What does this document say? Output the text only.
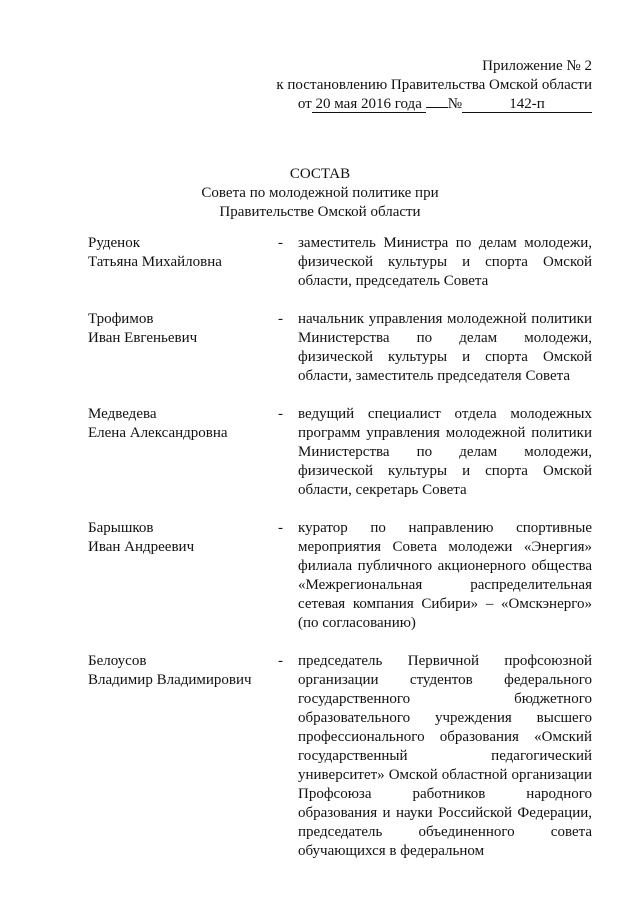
Приложение № 2
к постановлению Правительства Омской области
от 20 мая 2016 года №	142-п
СОСТАВ
Совета по молодежной политике при
Правительстве Омской области
Руденок
Татьяна Михайловна
- заместитель Министра по делам молодежи, физической культуры и спорта Омской области, председатель Совета
Трофимов
Иван Евгеньевич
- начальник управления молодежной политики Министерства по делам молодежи, физической культуры и спорта Омской области, заместитель председателя Совета
Медведева
Елена Александровна
- ведущий специалист отдела молодежных программ управления молодежной политики Министерства по делам молодежи, физической культуры и спорта Омской области, секретарь Совета
Барышков
Иван Андреевич
- куратор по направлению спортивные мероприятия Совета молодежи «Энергия» филиала публичного акционерного общества «Межрегиональная распределительная сетевая компания Сибири» – «Омскэнерго» (по согласованию)
Белоусов
Владимир Владимирович
- председатель Первичной профсоюзной организации студентов федерального государственного бюджетного образовательного учреждения высшего профессионального образования «Омский государственный педагогический университет» Омской областной организации Профсоюза работников народного образования и науки Российской Федерации, председатель объединенного совета обучающихся в федеральном
